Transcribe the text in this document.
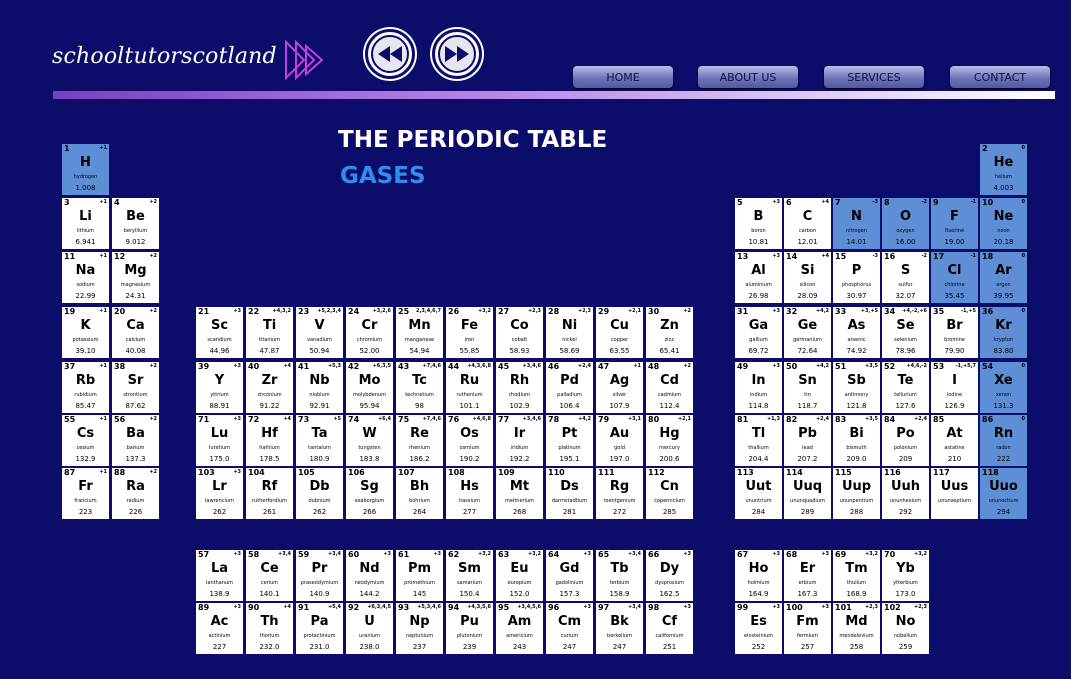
schooltutorscotland
HOME	ABOUT US	SERVICES	CONTACT
THE PERIODIC TABLE
GASES
1	+1
H
hydrogen
1.008
2	0
He
helium
4.003
3	+1
Li
lithium
6.941
4	+2
Be
beryllium
9.012
5	+3
B
boron
10.81
6	+4
C
carbon
12.01
7	-3
N
nitrogen
14.01
8	-2
O
oxygen
16.00
9	-1
F
fluorine
19.00
10	0
Ne
neon
20.18
11	+1
Na
sodium
22.99
12	+2
Mg
magnesium
24.31
13	+3
Al
aluminium
26.98
14	+4
Si
silicon
28.09
15	-3
P
phosphorus
30.97
16	-2
S
sulfur
32.07
17	-1
Cl
chlorine
35.45
18	0
Ar
argon
39.95
19	+1
K
potassium
39.10
20	+2
Ca
calcium
40.08
21	+3
Sc
scandium
44.96
22	+4,3,2
Ti
titanium
47.87
23 +5,2,3,4
V
vanadium
50.94
24	+3,2,6
Cr
chromium
52.00
25 2,3,4,6,7
Mn
manganese
54.94
26	+3,2
Fe
iron
55.85
27	+2,3
Co
cobalt
58.93
28	+2,3
Ni
nickel
58.69
29	+2,1
Cu
copper
63.55
30	+2
Zn
zinc
65.41
31	+3
Ga
gallium
69.72
32	+4,2
Ge
germanium
72.64
33	+3,+5
As
arsenic
74.92
34 +4,-2,+6
Se
selenium
78.96
35	-1,+5
Br
bromine
79.90
36	0
Kr
krypton
83.80
37	+1
Rb
rubidium
85.47
38	+2
Sr
strontium
87.62
39	+3
Y
yttrium
88.91
40	+4
Zr
zirconium
91.22
41	+5,3
Nb
niobium
92.91
42	+6,3,5
Mo
molybdenum
95.94
43	+7,4,6
Tc
technetium
98
44 +4,3,6,8
Ru
ruthenium
101.1
45	+3,4,6
Rh
rhodium
102.9
46	+2,4
Pd
palladium
106.4
47	+1
Ag
silver
107.9
48	+2
Cd
cadmium
112.4
49	+3
In
indium
114.8
50	+4,2
Sn
tin
118.7
51	+3,5
Sb
antimony
121.8
52 +4,6,-2
Te
tellurium
127.6
53 -1,+5,7
I
iodine
126.9
54	0
Xe
xenon
131.3
55	+1
Cs
cesium
132.9
56	+2
Ba
barium
137.3
71	+3
Lu
lutetium
175.0
72	+4
Hf
hafnium
178.5
73	+5
Ta
tantalum
180.9
74	+6,4
W
tungsten
183.8
75	+7,4,6
Re
rhenium
186.2
76	+4,6,8
Os
osmium
190.2
77	+3,4,6
Ir
iridium
192.2
78	+4,2
Pt
platinum
195.1
79	+3,1
Au
gold
197.0
80	+2,1
Hg
mercury
200.6
81	+1,3
Tl
thallium
204.4
82	+2,4
Pb
lead
207.2
83	+3,5
Bi
bismuth
209.0
84	+2,4
Po
polonium
209
85
At
astatine
210
86	0
Rn
radon
222
87	+1
Fr
francium
223
88	+2
Ra
radium
226
103	+3
Lr
lawrencium
262
104
Rf
rutherfordium
261
105
Db
dubnium
262
106
Sg
seaborgium
266
107
Bh
bohrium
264
108
Hs
hassium
277
109
Mt
meitnerium
268
110
Ds
darmstadtium
281
111
Rg
roentgenium
272
112
Cn
copernicium
285
113
Uut
ununtrium
284
114
Uuq
ununquadium
289
115
Uup
ununpentium
288
116
Uuh
ununhexium
292
117
Uus
ununseptium
118
Uuo
ununoctium
294
57	+3
La
lanthanum
138.9
58	+3,4
Ce
cerium
140.1
59	+3,4
Pr
praseodymium
140.9
60	+3
Nd
neodymium
144.2
61	+3
Pm
promethium
145
62	+3,2
Sm
samarium
150.4
63	+3,2
Eu
europium
152.0
64	+3
Gd
gadolinium
157.3
65	+3,4
Tb
terbium
158.9
66	+3
Dy
dysprosium
162.5
67	+3
Ho
holmium
164.9
68	+3
Er
erbium
167.3
69	+3,2
Tm
thulium
168.9
70	+3,2
Yb
ytterbium
173.0
89	+3
Ac
actinium
227
90	+4
Th
thorium
232.0
91	+5,4
Pa
protactinium
231.0
92 +6,3,4,5
U
uranium
238.0
93 +5,3,4,6
Np
neptunium
237
94 +4,3,5,6
Pu
plutonium
239
95 +3,4,5,6
Am
americium
243
96	+3
Cm
curium
247
97	+3,4
Bk
berkelium
247
98	+3
Cf
californium
251
99	+3
Es
einsteinium
252
100	+3
Fm
fermium
257
101	+2,3
Md
mendelevium
258
102	+2,3
No
nobelium
259
